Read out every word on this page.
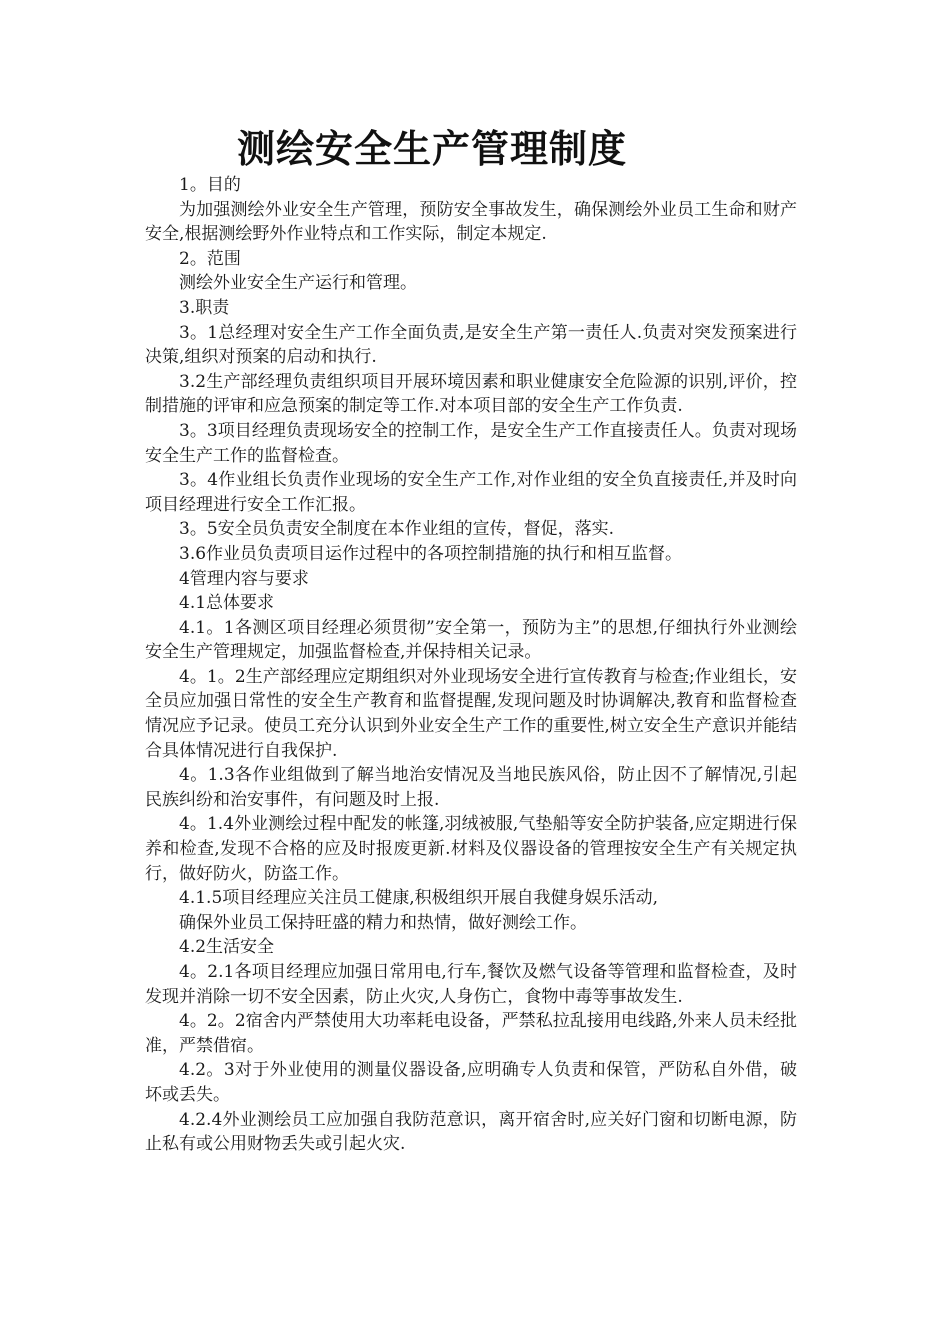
测绘安全生产管理制度

1。目的

为加强测绘外业安全生产管理，预防安全事故发生，确保测绘外业员工生命和财产安全,根据测绘野外作业特点和工作实际，制定本规定.

2。范围

测绘外业安全生产运行和管理。

3.职责

3。1总经理对安全生产工作全面负责,是安全生产第一责任人.负责对突发预案进行决策,组织对预案的启动和执行.

3.2生产部经理负责组织项目开展环境因素和职业健康安全危险源的识别,评价，控制措施的评审和应急预案的制定等工作.对本项目部的安全生产工作负责.

3。3项目经理负责现场安全的控制工作，是安全生产工作直接责任人。负责对现场安全生产工作的监督检查。

3。4作业组长负责作业现场的安全生产工作,对作业组的安全负直接责任,并及时向项目经理进行安全工作汇报。

3。5安全员负责安全制度在本作业组的宣传，督促，落实.

3.6作业员负责项目运作过程中的各项控制措施的执行和相互监督。

4管理内容与要求

4.1总体要求

4.1。1各测区项目经理必须贯彻”安全第一，预防为主”的思想,仔细执行外业测绘安全生产管理规定，加强监督检查,并保持相关记录。

4。1。2生产部经理应定期组织对外业现场安全进行宣传教育与检查;作业组长，安全员应加强日常性的安全生产教育和监督提醒,发现问题及时协调解决,教育和监督检查情况应予记录。使员工充分认识到外业安全生产工作的重要性,树立安全生产意识并能结合具体情况进行自我保护.

4。1.3各作业组做到了解当地治安情况及当地民族风俗，防止因不了解情况,引起民族纠纷和治安事件，有问题及时上报.

4。1.4外业测绘过程中配发的帐篷,羽绒被服,气垫船等安全防护装备,应定期进行保养和检查,发现不合格的应及时报废更新.材料及仪器设备的管理按安全生产有关规定执行，做好防火，防盗工作。

4.1.5项目经理应关注员工健康,积极组织开展自我健身娱乐活动,

确保外业员工保持旺盛的精力和热情，做好测绘工作。

4.2生活安全

4。2.1各项目经理应加强日常用电,行车,餐饮及燃气设备等管理和监督检查，及时发现并消除一切不安全因素，防止火灾,人身伤亡，食物中毒等事故发生.

4。2。2宿舍内严禁使用大功率耗电设备，严禁私拉乱接用电线路,外来人员未经批准，严禁借宿。

4.2。3对于外业使用的测量仪器设备,应明确专人负责和保管，严防私自外借，破坏或丢失。

4.2.4外业测绘员工应加强自我防范意识，离开宿舍时,应关好门窗和切断电源，防止私有或公用财物丢失或引起火灾.
